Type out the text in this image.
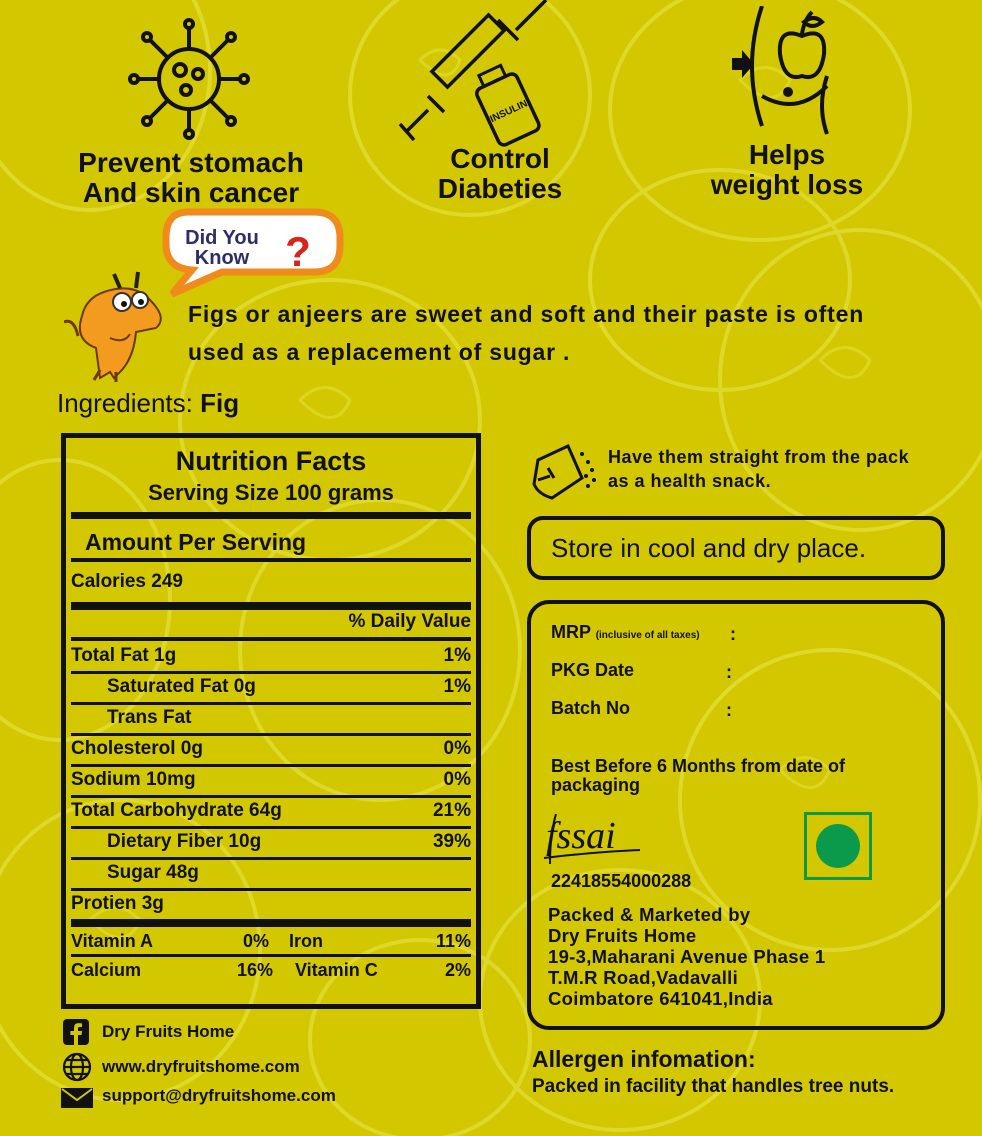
Prevent stomach
And skin cancer
INSULIN
Control
Diabeties
Helps
weight loss
Did You
Know ?
Figs or anjeers are sweet and soft and their paste is often
used as a replacement of sugar .
Ingredients: Fig
Nutrition Facts
Serving Size 100 grams
Amount Per Serving
Calories 249
% Daily Value
Total Fat 1g	1%
Saturated Fat 0g	1%
Trans Fat
Cholesterol 0g	0%
Sodium 10mg	0%
Total Carbohydrate 64g	21%
Dietary Fiber 10g	39%
Sugar 48g
Protien 3g
Vitamin A	0% Iron	11%
Calcium	16% Vitamin C	2%
Have them straight from the pack
as a health snack.
Store in cool and dry place.
MRP (inclusive of all taxes) :
PKG Date	:
Batch No	:
Best Before 6 Months from date of
packaging
fssai
22418554000288
Packed & Marketed by
Dry Fruits Home
19-3,Maharani Avenue Phase 1
T.M.R Road,Vadavalli
Coimbatore 641041,India
Allergen infomation:
Packed in facility that handles tree nuts.
Dry Fruits Home
www.dryfruitshome.com
support@dryfruitshome.com
